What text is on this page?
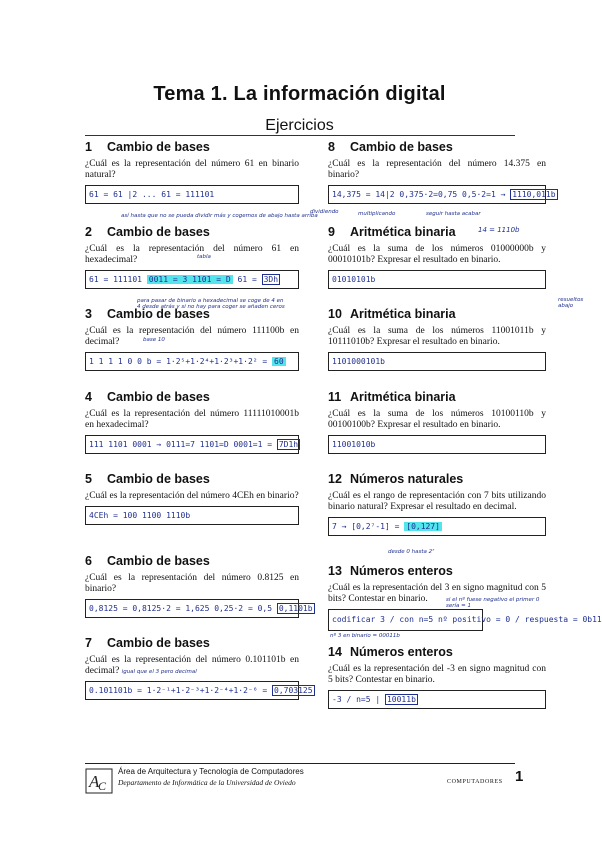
Tema 1. La información digital
Ejercicios
1 Cambio de bases

¿Cuál es la representación del número 61 en binario natural?

61 = 61 |2 ... 61 = 111101
así hasta que no se pueda dividir más y cogemos de abajo hasta arriba
2 Cambio de bases

¿Cuál es la representación del número 61 en hexadecimal?

61 = 111101 0011 = 3 1101 = D 61 = 3Dh
tabla
para pasar de binario a hexadecimal se coge de 4 en 4 desde atrás y si no hay para coger se añaden ceros
3 Cambio de bases

¿Cuál es la representación del número 111100b en decimal?

1 1 1 1 0 0 b = 1·2⁵+1·2⁴+1·2³+1·2² = 60
base 10
4 Cambio de bases

¿Cuál es la representación del número 11111010001b en hexadecimal?

111 1101 0001 → 0111=7 1101=D 0001=1 = 7D1h
5 Cambio de bases

¿Cuál es la representación del número 4CEh en binario?

4CEh = 100 1100 1110b
6 Cambio de bases

¿Cuál es la representación del número 0.8125 en binario?

0,8125 = 0,8125·2 = 1,625 0,25·2 = 0,5 0,1101b
7 Cambio de bases

¿Cuál es la representación del número 0.101101b en decimal? igual que el 3 pero decimal

0.101101b = 1·2⁻¹+1·2⁻³+1·2⁻⁴+1·2⁻⁶ = 0,703125
8 Cambio de bases

¿Cuál es la representación del número 14.375 en binario?

14,375 = 14|2 0,375·2=0,75 0,5·2=1 → 1110,011b
dividiendo	multiplicando	seguir hasta acabar
9 Aritmética binaria

¿Cuál es la suma de los números 01000000b y 00010101b? Expresar el resultado en binario.

01010101b
14 = 1110b
10 Aritmética binaria

¿Cuál es la suma de los números 11001011b y 10111010b? Expresar el resultado en binario.

1101000101b
resueltos abajo
11 Aritmética binaria

¿Cuál es la suma de los números 10100110b y 00100100b? Expresar el resultado en binario.

11001010b
12 Números naturales

¿Cuál es el rango de representación con 7 bits utilizando binario natural? Expresar el resultado en decimal.

7 → [0,2⁷-1] = [0,127]
desde 0 hasta 2⁷
13 Números enteros

¿Cuál es la representación del 3 en signo magnitud con 5 bits? Contestar en binario.

codificar 3 / con n=5 nº positivo = 0 / respuesta = 0b11
si el nº fuese negativo el primer 0 sería = 1
nº 3 en binario = 00011b
14 Números enteros

¿Cuál es la representación del -3 en signo magnitud con 5 bits? Contestar en binario.

-3 / n=5 | 10011b
A
C
Área de Arquitectura y Tecnología de Computadores
Departamento de Informática de la Universidad de Oviedo	COMPUTADORES 1
